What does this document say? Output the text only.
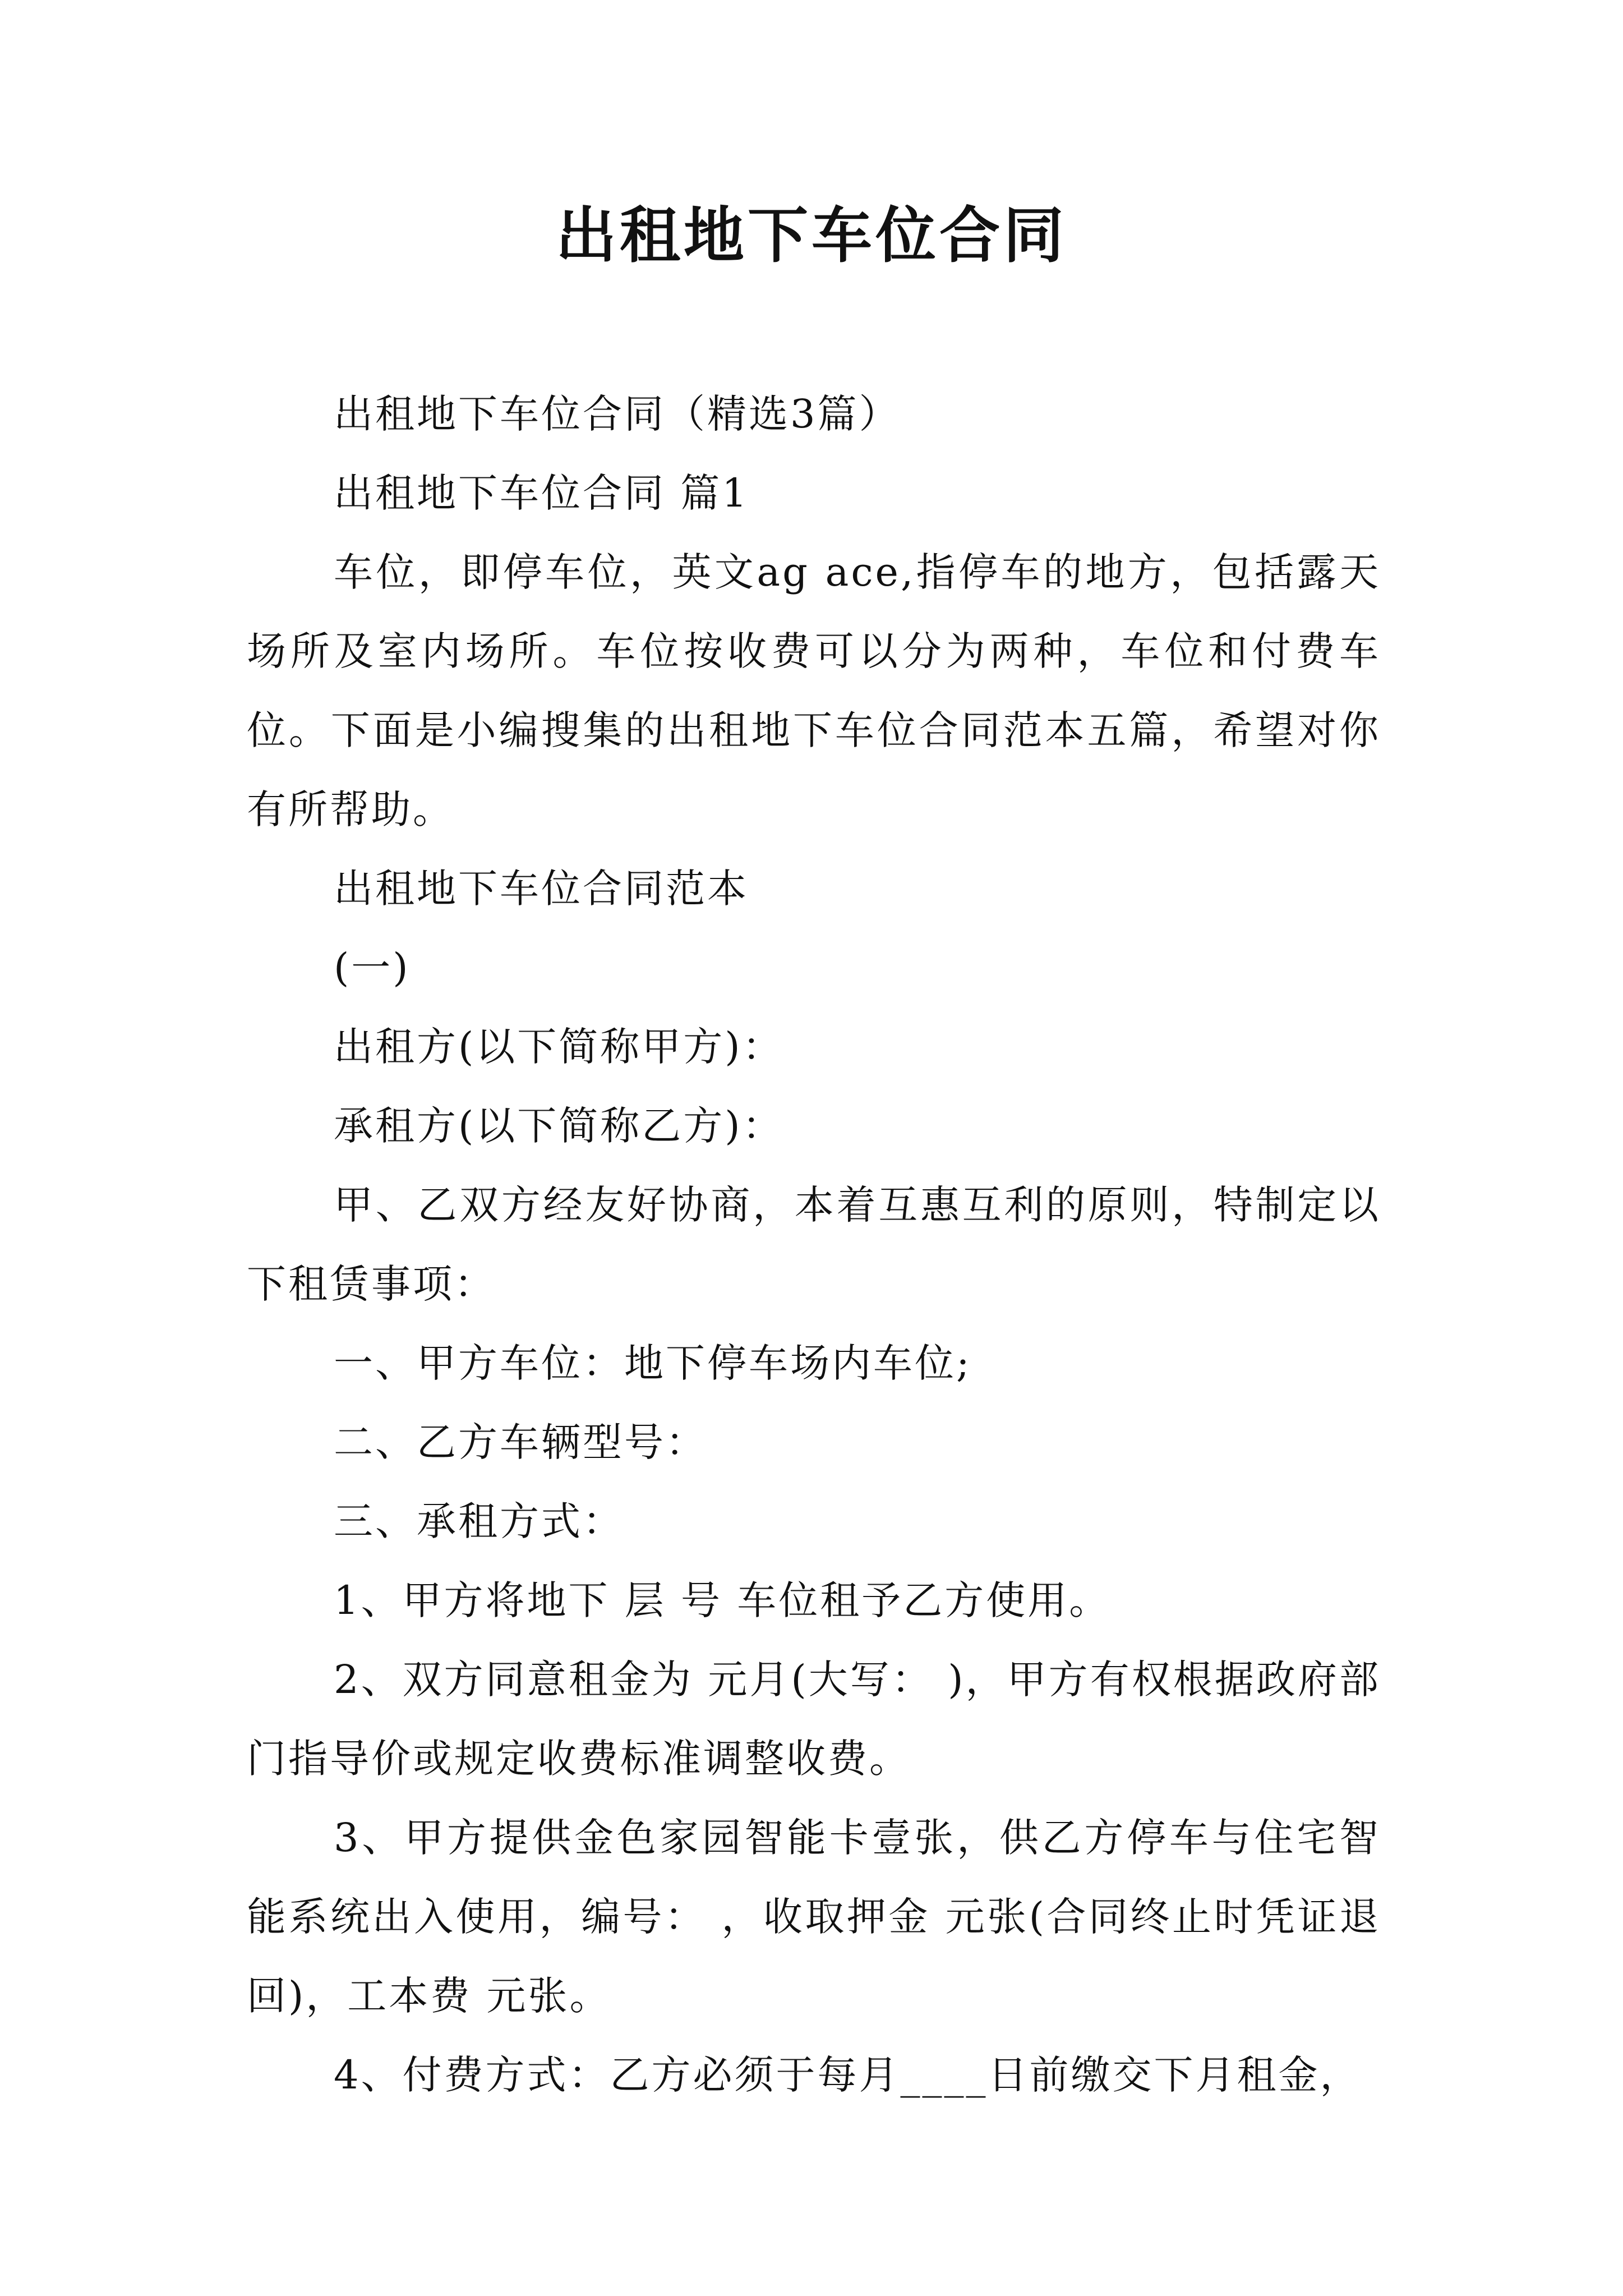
出租地下车位合同

出租地下车位合同（精选3篇）

出租地下车位合同 篇1

车位，即停车位，英文ag ace,指停车的地方，包括露天场所及室内场所。车位按收费可以分为两种，车位和付费车位。下面是小编搜集的出租地下车位合同范本五篇，希望对你有所帮助。

出租地下车位合同范本

(一)

出租方(以下简称甲方)：

承租方(以下简称乙方)：

甲、乙双方经友好协商，本着互惠互利的原则，特制定以下租赁事项：

一、甲方车位：地下停车场内车位;

二、乙方车辆型号：

三、承租方式：

1、甲方将地下 层 号 车位租予乙方使用。

2、双方同意租金为 元月(大写： )，甲方有权根据政府部门指导价或规定收费标准调整收费。

3、甲方提供金色家园智能卡壹张，供乙方停车与住宅智能系统出入使用，编号： ，收取押金 元张(合同终止时凭证退回)，工本费 元张。

4、付费方式：乙方必须于每月____日前缴交下月租金，
